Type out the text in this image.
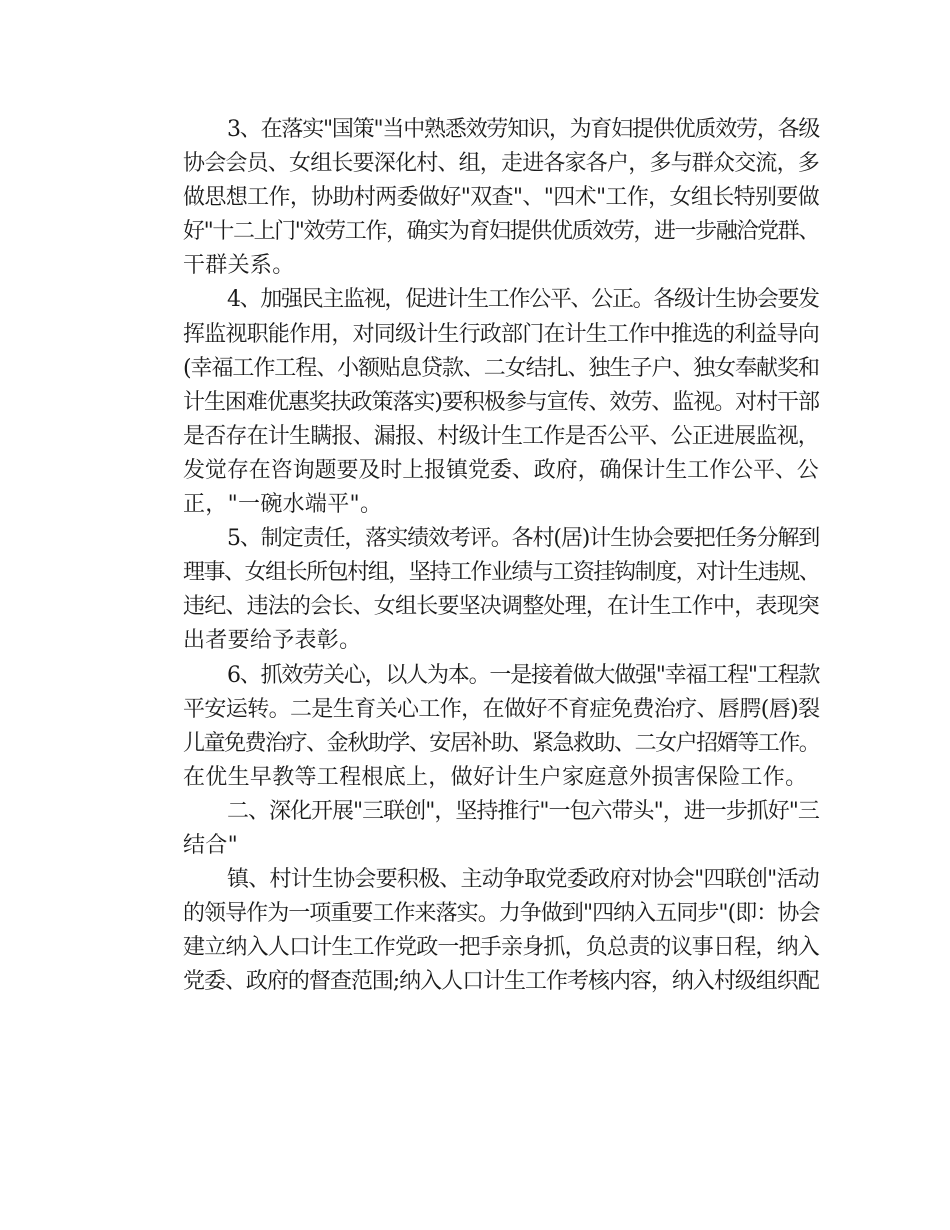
3、在落实"国策"当中熟悉效劳知识，为育妇提供优质效劳，各级
协会会员、女组长要深化村、组，走进各家各户，多与群众交流，多
做思想工作，协助村两委做好"双查"、"四术"工作，女组长特别要做
好"十二上门"效劳工作，确实为育妇提供优质效劳，进一步融洽党群、
干群关系。
4、加强民主监视，促进计生工作公平、公正。各级计生协会要发
挥监视职能作用，对同级计生行政部门在计生工作中推选的利益导向
(幸福工作工程、小额贴息贷款、二女结扎、独生子户、独女奉献奖和
计生困难优惠奖扶政策落实)要积极参与宣传、效劳、监视。对村干部
是否存在计生瞒报、漏报、村级计生工作是否公平、公正进展监视，
发觉存在咨询题要及时上报镇党委、政府，确保计生工作公平、公
正，"一碗水端平"。
5、制定责任，落实绩效考评。各村(居)计生协会要把任务分解到
理事、女组长所包村组，坚持工作业绩与工资挂钩制度，对计生违规、
违纪、违法的会长、女组长要坚决调整处理，在计生工作中，表现突
出者要给予表彰。
6、抓效劳关心，以人为本。一是接着做大做强"幸福工程"工程款
平安运转。二是生育关心工作，在做好不育症免费治疗、唇腭(唇)裂
儿童免费治疗、金秋助学、安居补助、紧急救助、二女户招婿等工作。
在优生早教等工程根底上，做好计生户家庭意外损害保险工作。
二、深化开展"三联创"，坚持推行"一包六带头"，进一步抓好"三
结合"
镇、村计生协会要积极、主动争取党委政府对协会"四联创"活动
的领导作为一项重要工作来落实。力争做到"四纳入五同步"(即：协会
建立纳入人口计生工作党政一把手亲身抓，负总责的议事日程，纳入
党委、政府的督查范围;纳入人口计生工作考核内容，纳入村级组织配
